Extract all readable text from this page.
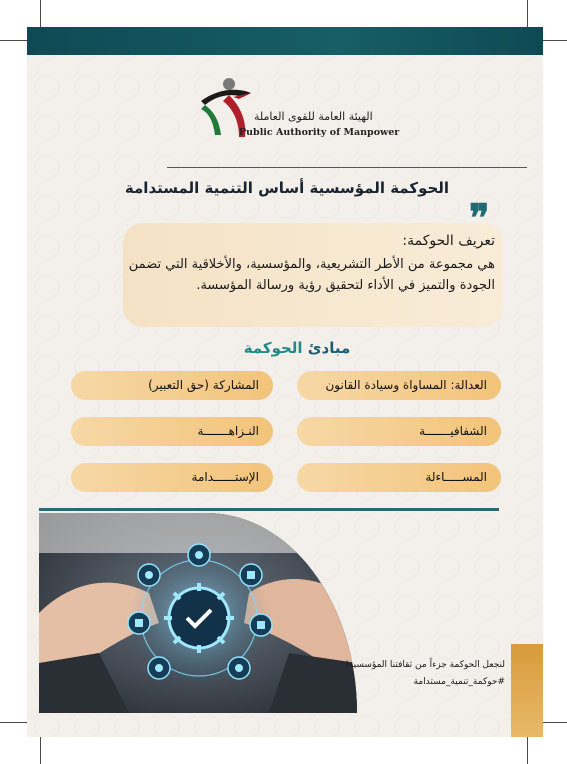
الهيئة العامة للقوى العاملة
Public Authority of Manpower
الحوكمة المؤسسية أساس التنمية المستدامة
❞
تعريف الحوكمة:
هي مجموعة من الأطر التشريعية، والمؤسسية، والأخلاقية التي تضمن الجودة والتميز في الأداء لتحقيق رؤية ورسالة المؤسسة.
مبادئ الحوكمة
العدالة: المساواة وسيادة القانون
المشاركة (حق التعبير)
الشفافيـــــــة
النـزاهـــــــة
المســـــاءلة
الإستــــــدامة
لنجعل الحوكمة جزءاً من ثقافتنا المؤسسية!
#حوكمة_تنمية_مستدامة
